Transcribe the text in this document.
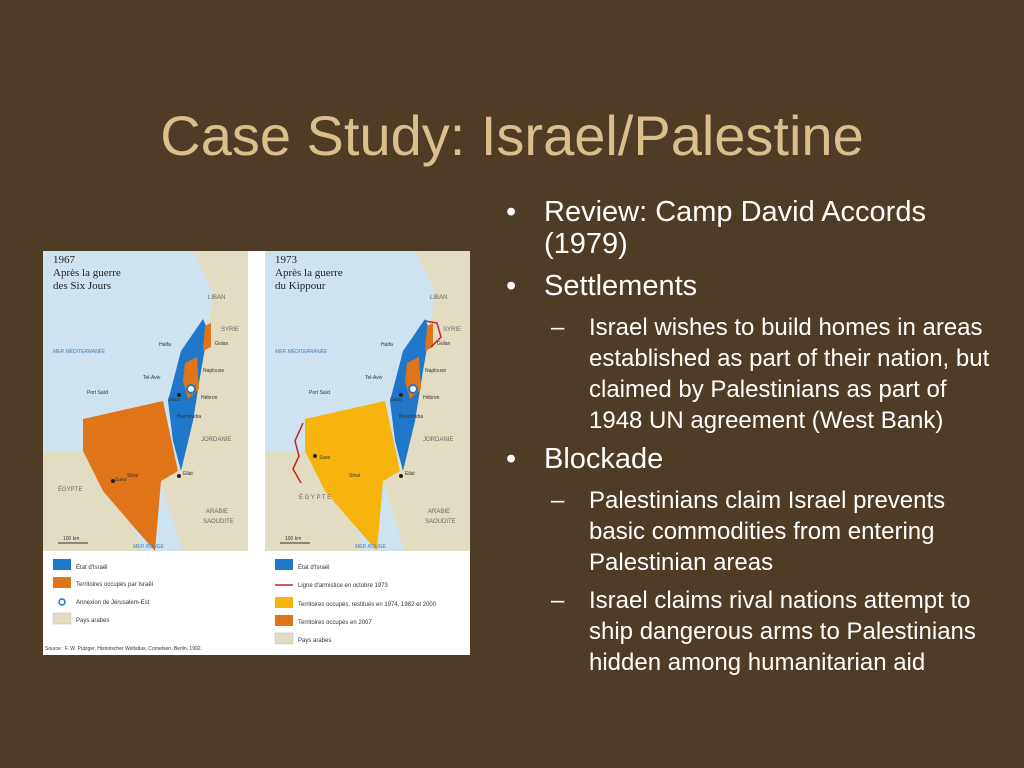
Case Study: Israel/Palestine
• Review: Camp David Accords (1979)
• Settlements
–	Israel wishes to build homes in areas established as part of their nation, but claimed by Palestinians as part of 1948 UN agreement (West Bank)
• Blockade
–	Palestinians claim Israel prevents basic commodities from entering Palestinian areas
–	Israel claims rival nations attempt to ship dangerous arms to Palestinians hidden among humanitarian aid
1967
Après la guerre
des Six Jours
LIBAN
SYRIE
Golan
MER MÉDITERRANÉE
Haïfa
Naplouse
Tel-Aviv
Gaza	Hébron
Port Saïd
Beersheba
JORDANIE
Suez
Sinaï	Eilat
ÉGYPTE
ARABIE
SAOUDITE
100 km
MER ROUGE
État d'Israël
Territoires occupés par Israël
Annexion de Jérusalem-Est
Pays arabes
Source : F. W. Putzger, Historischer Weltatlas, Cornelsen, Berlin, 1992.
1973
Après la guerre
du Kippour
LIBAN
SYRIE
Golan
MER MÉDITERRANÉE
Haïfa
Naplouse
Tel-Aviv
Gaza	Hébron
Port Saïd
Beersheba
JORDANIE
Suez
Sinaï	Eilat
É G Y P T E
ARABIE
SAOUDITE
100 km
MER ROUGE
État d'Israël
Ligne d'armistice en octobre 1973
Territoires occupés, restitués en 1974, 1982 et 2000
Territoires occupés en 2007
Pays arabes
